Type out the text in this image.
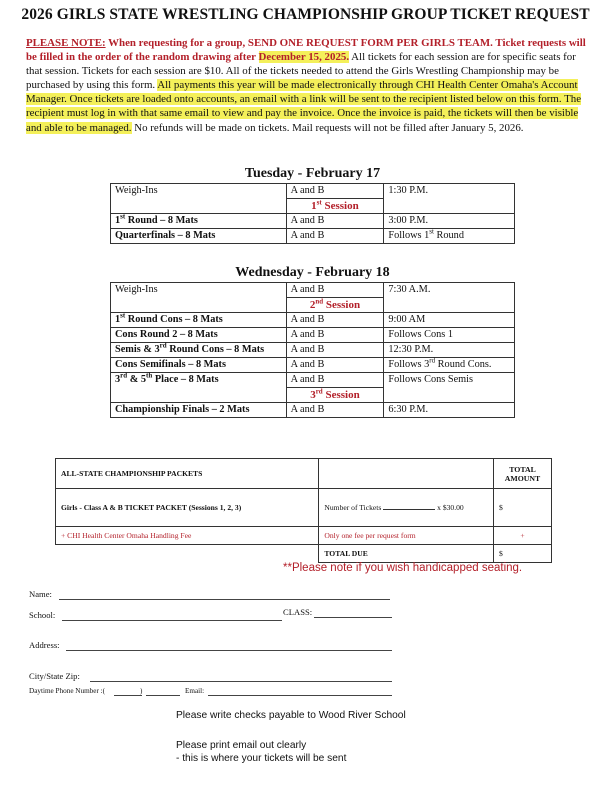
2026 GIRLS STATE WRESTLING CHAMPIONSHIP GROUP TICKET REQUEST
PLEASE NOTE: When requesting for a group, SEND ONE REQUEST FORM PER GIRLS TEAM. Ticket requests will be filled in the order of the random drawing after December 15, 2025. All tickets for each session are for specific seats for that session. Tickets for each session are $10. All of the tickets needed to attend the Girls Wrestling Championship may be purchased by using this form. All payments this year will be made electronically through CHI Health Center Omaha's Account Manager. Once tickets are loaded onto accounts, an email with a link will be sent to the recipient listed below on this form. The recipient must log in with that same email to view and pay the invoice. Once the invoice is paid, the tickets will then be visible and able to be managed. No refunds will be made on tickets. Mail requests will not be filled after January 5, 2026.
Tuesday - February 17
Weigh-Ins	A and B	1:30 P.M.
	1st Session	
1st Round – 8 Mats	A and B	3:00 P.M.
Quarterfinals – 8 Mats	A and B	Follows 1st Round
Wednesday - February 18
Weigh-Ins	A and B	7:30 A.M.
	2nd Session	
1st Round Cons – 8 Mats	A and B	9:00 AM
Cons Round 2 – 8 Mats	A and B	Follows Cons 1
Semis & 3rd Round Cons – 8 Mats	A and B	12:30 P.M.
Cons Semifinals – 8 Mats	A and B	Follows 3rd Round Cons.
3rd & 5th Place – 8 Mats	A and B	Follows Cons Semis
	3rd Session	
Championship Finals – 2 Mats	A and B	6:30 P.M.
ALL-STATE CHAMPIONSHIP PACKETS		TOTAL AMOUNT
Girls - Class A & B TICKET PACKET (Sessions 1, 2, 3)	Number of Tickets x $30.00	$
+ CHI Health Center Omaha Handling Fee	Only one fee per request form	+
	TOTAL DUE	$
**Please note if you wish handicapped seating.
Name:
School:	CLASS:
Address:
City/State Zip:
Daytime Phone Number :(	)	Email:
Please write checks payable to Wood River School
Please print email out clearly
- this is where your tickets will be sent
